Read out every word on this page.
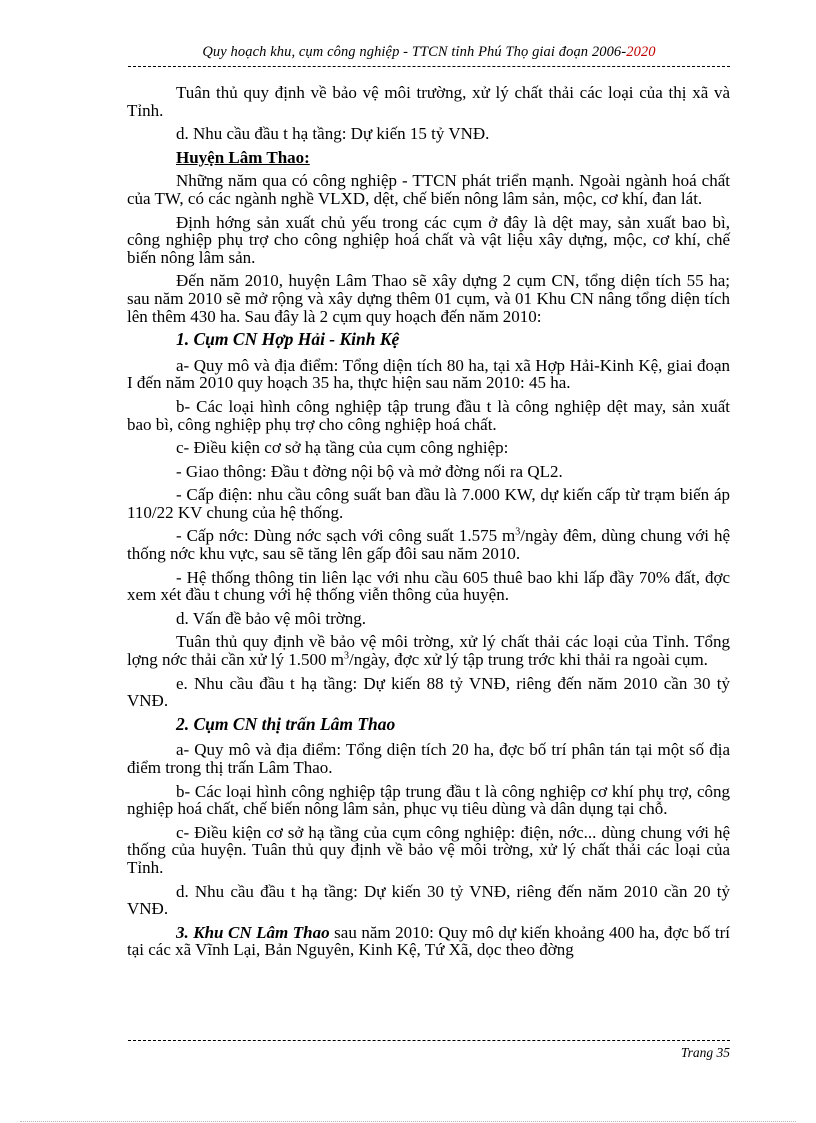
Quy hoạch khu, cụm công nghiệp - TTCN tỉnh Phú Thọ giai đoạn 2006-2020

Tuân thủ quy định về bảo vệ môi trường, xử lý chất thải các loại của thị xã và Tỉnh.

d. Nhu cầu đầu t hạ tầng: Dự kiến 15 tỷ VNĐ.

Huyện Lâm Thao:

Những năm qua có công nghiệp - TTCN phát triển mạnh. Ngoài ngành hoá chất của TW, có các ngành nghề VLXD, dệt, chế biến nông lâm sản, mộc, cơ khí, đan lát.

Định hớng sản xuất chủ yếu trong các cụm ở đây là dệt may, sản xuất bao bì, công nghiệp phụ trợ cho công nghiệp hoá chất và vật liệu xây dựng, mộc, cơ khí, chế biến nông lâm sản.

Đến năm 2010, huyện Lâm Thao sẽ xây dựng 2 cụm CN, tổng diện tích 55 ha; sau năm 2010 sẽ mở rộng và xây dựng thêm 01 cụm, và 01 Khu CN nâng tổng diện tích lên thêm 430 ha. Sau đây là 2 cụm quy hoạch đến năm 2010:

1. Cụm CN Hợp Hải - Kinh Kệ

a- Quy mô và địa điểm: Tổng diện tích 80 ha, tại xã Hợp Hải-Kinh Kệ, giai đoạn I đến năm 2010 quy hoạch 35 ha, thực hiện sau năm 2010: 45 ha.

b- Các loại hình công nghiệp tập trung đầu t là công nghiệp dệt may, sản xuất bao bì, công nghiệp phụ trợ cho công nghiệp hoá chất.

c- Điều kiện cơ sở hạ tầng của cụm công nghiệp:

- Giao thông: Đầu t đờng nội bộ và mở đờng nối ra QL2.

- Cấp điện: nhu cầu công suất ban đầu là 7.000 KW, dự kiến cấp từ trạm biến áp 110/22 KV chung của hệ thống.

- Cấp nớc: Dùng nớc sạch với công suất 1.575 $m^3$/ngày đêm, dùng chung với hệ thống nớc khu vực, sau sẽ tăng lên gấp đôi sau năm 2010.

- Hệ thống thông tin liên lạc với nhu cầu 605 thuê bao khi lấp đầy 70% đất, đợc xem xét đầu t chung với hệ thống viễn thông của huyện.

d. Vấn đề bảo vệ môi trờng.

Tuân thủ quy định về bảo vệ môi trờng, xử lý chất thải các loại của Tỉnh. Tổng lợng nớc thải cần xử lý 1.500 $m^3$/ngày, đợc xử lý tập trung trớc khi thải ra ngoài cụm.

e. Nhu cầu đầu t hạ tầng: Dự kiến 88 tỷ VNĐ, riêng đến năm 2010 cần 30 tỷ VNĐ.

2. Cụm CN thị trấn Lâm Thao

a- Quy mô và địa điểm: Tổng diện tích 20 ha, đợc bố trí phân tán tại một số địa điểm trong thị trấn Lâm Thao.

b- Các loại hình công nghiệp tập trung đầu t là công nghiệp cơ khí phụ trợ, công nghiệp hoá chất, chế biến nông lâm sản, phục vụ tiêu dùng và dân dụng tại chỗ.

c- Điều kiện cơ sở hạ tầng của cụm công nghiệp: điện, nớc... dùng chung với hệ thống của huyện. Tuân thủ quy định về bảo vệ môi trờng, xử lý chất thải các loại của Tỉnh.

d. Nhu cầu đầu t hạ tầng: Dự kiến 30 tỷ VNĐ, riêng đến năm 2010 cần 20 tỷ VNĐ.

3. Khu CN Lâm Thao sau năm 2010: Quy mô dự kiến khoảng 400 ha, đợc bố trí tại các xã Vĩnh Lại, Bản Nguyên, Kinh Kệ, Tứ Xã, dọc theo đờng

Trang 35
